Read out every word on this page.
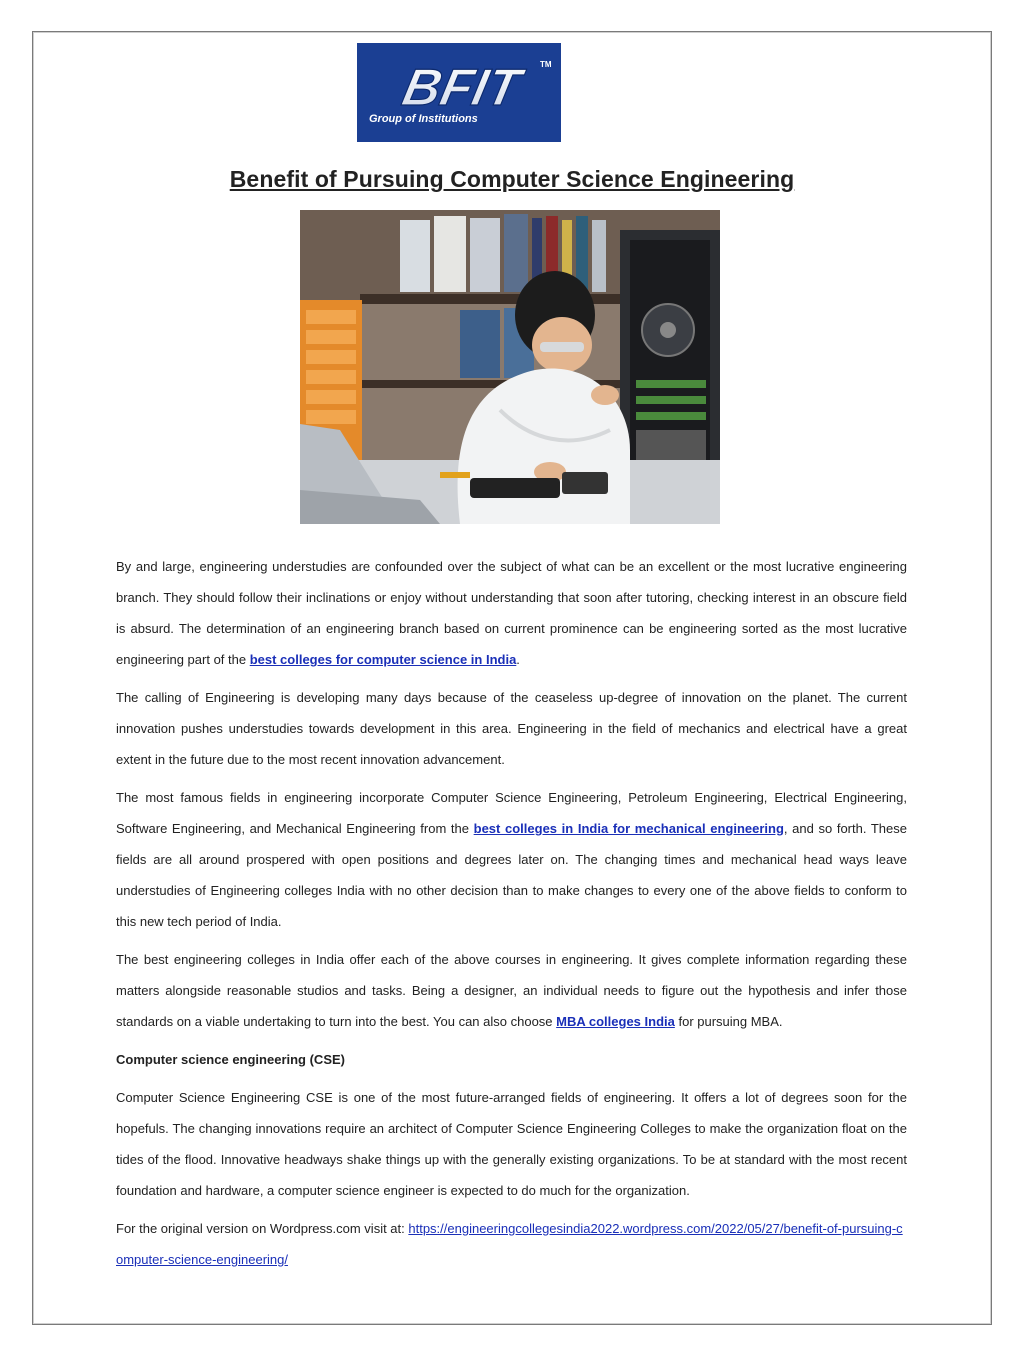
BFIT	TM
Group of Institutions
Benefit of Pursuing Computer Science Engineering

By and large, engineering understudies are confounded over the subject of what can be an excellent or the most lucrative engineering branch. They should follow their inclinations or enjoy without understanding that soon after tutoring, checking interest in an obscure field is absurd. The determination of an engineering branch based on current prominence can be engineering sorted as the most lucrative engineering part of the best colleges for computer science in India.

The calling of Engineering is developing many days because of the ceaseless up-degree of innovation on the planet. The current innovation pushes understudies towards development in this area. Engineering in the field of mechanics and electrical have a great extent in the future due to the most recent innovation advancement.

The most famous fields in engineering incorporate Computer Science Engineering, Petroleum Engineering, Electrical Engineering, Software Engineering, and Mechanical Engineering from the best colleges in India for mechanical engineering, and so forth. These fields are all around prospered with open positions and degrees later on. The changing times and mechanical head ways leave understudies of Engineering colleges India with no other decision than to make changes to every one of the above fields to conform to this new tech period of India.

The best engineering colleges in India offer each of the above courses in engineering. It gives complete information regarding these matters alongside reasonable studios and tasks. Being a designer, an individual needs to figure out the hypothesis and infer those standards on a viable undertaking to turn into the best. You can also choose MBA colleges India for pursuing MBA.

Computer science engineering (CSE)

Computer Science Engineering CSE is one of the most future-arranged fields of engineering. It offers a lot of degrees soon for the hopefuls. The changing innovations require an architect of Computer Science Engineering Colleges to make the organization float on the tides of the flood. Innovative headways shake things up with the generally existing organizations. To be at standard with the most recent foundation and hardware, a computer science engineer is expected to do much for the organization.

For the original version on Wordpress.com visit at: https://engineeringcollegesindia2022.wordpress.com/2022/05/27/benefit-of-pursuing-computer-science-engineering/
